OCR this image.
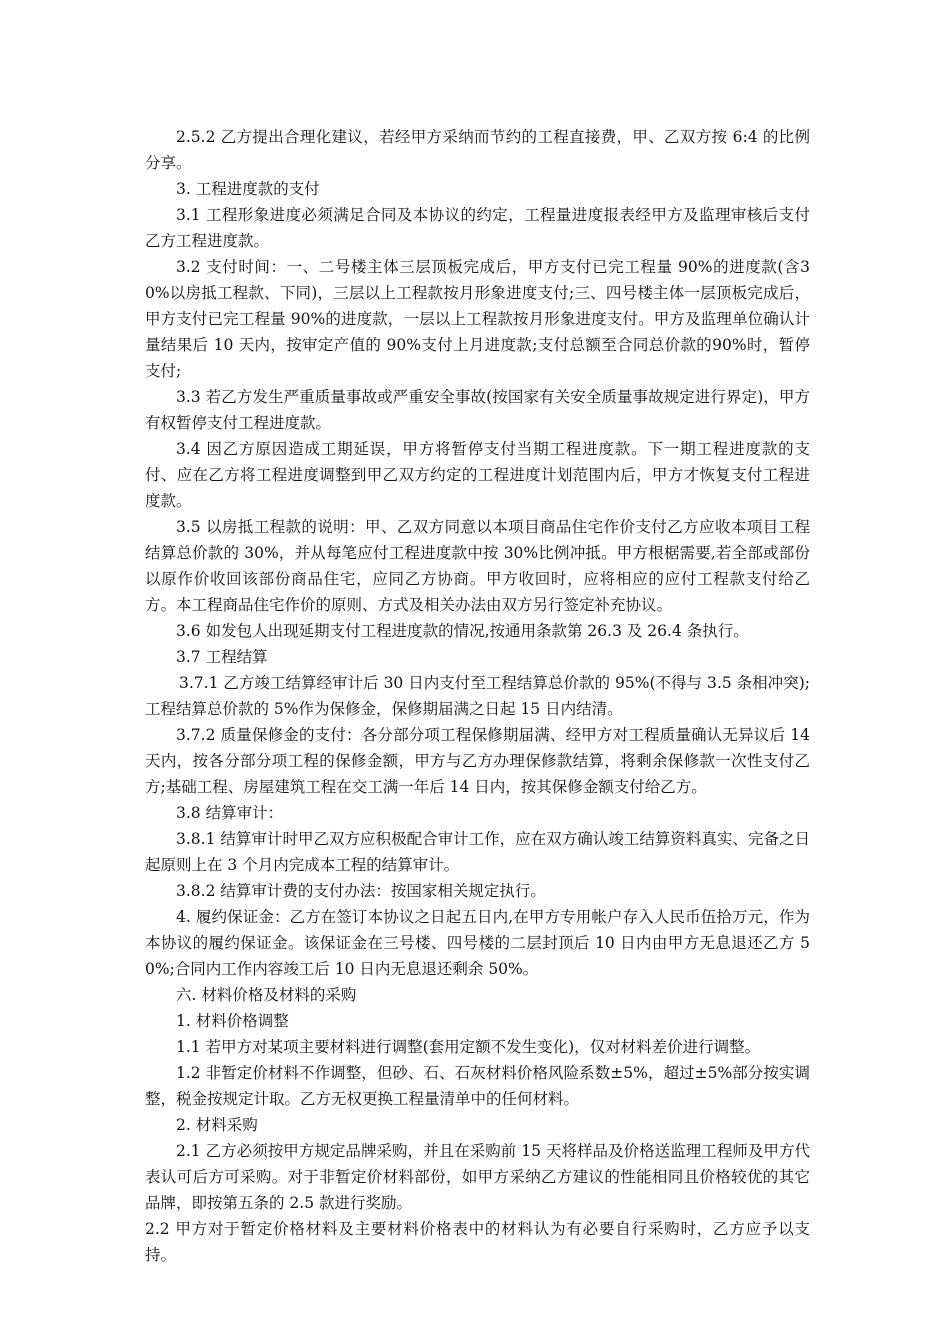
2.5.2 乙方提出合理化建议，若经甲方采纳而节约的工程直接费，甲、乙双方按 6:4 的比例分享。

3. 工程进度款的支付

3.1 工程形象进度必须满足合同及本协议的约定，工程量进度报表经甲方及监理审核后支付乙方工程进度款。

3.2 支付时间：一、二号楼主体三层顶板完成后，甲方支付已完工程量 90%的进度款(含30%以房抵工程款、下同)，三层以上工程款按月形象进度支付;三、四号楼主体一层顶板完成后，甲方支付已完工程量 90%的进度款，一层以上工程款按月形象进度支付。甲方及监理单位确认计量结果后 10 天内，按审定产值的 90%支付上月进度款;支付总额至合同总价款的90%时，暂停支付;

3.3 若乙方发生严重质量事故或严重安全事故(按国家有关安全质量事故规定进行界定)，甲方有权暂停支付工程进度款。

3.4 因乙方原因造成工期延误，甲方将暂停支付当期工程进度款。下一期工程进度款的支付、应在乙方将工程进度调整到甲乙双方约定的工程进度计划范围内后，甲方才恢复支付工程进度款。

3.5 以房抵工程款的说明：甲、乙双方同意以本项目商品住宅作价支付乙方应收本项目工程结算总价款的 30%，并从每笔应付工程进度款中按 30%比例冲抵。甲方根椐需要,若全部或部份以原作价收回该部份商品住宅，应同乙方协商。甲方收回时，应将相应的应付工程款支付给乙方。本工程商品住宅作价的原则、方式及相关办法由双方另行签定补充协议。

3.6 如发包人出现延期支付工程进度款的情况,按通用条款第 26.3 及 26.4 条执行。

3.7 工程结算

3.7.1 乙方竣工结算经审计后 30 日内支付至工程结算总价款的 95%(不得与 3.5 条相冲突);工程结算总价款的 5%作为保修金，保修期届满之日起 15 日内结清。

3.7.2 质量保修金的支付：各分部分项工程保修期届满、经甲方对工程质量确认无异议后 14 天内，按各分部分项工程的保修金额，甲方与乙方办理保修款结算，将剩余保修款一次性支付乙方;基础工程、房屋建筑工程在交工满一年后 14 日内，按其保修金额支付给乙方。

3.8 结算审计：

3.8.1 结算审计时甲乙双方应积极配合审计工作，应在双方确认竣工结算资料真实、完备之日起原则上在 3 个月内完成本工程的结算审计。

3.8.2 结算审计费的支付办法：按国家相关规定执行。

4. 履约保证金：乙方在签订本协议之日起五日内,在甲方专用帐户存入人民币伍拾万元，作为本协议的履约保证金。该保证金在三号楼、四号楼的二层封顶后 10 日内由甲方无息退还乙方 50%;合同内工作内容竣工后 10 日内无息退还剩余 50%。

六. 材料价格及材料的采购

1. 材料价格调整

1.1 若甲方对某项主要材料进行调整(套用定额不发生变化)，仅对材料差价进行调整。

1.2 非暂定价材料不作调整，但砂、石、石灰材料价格风险系数±5%，超过±5%部分按实调整，税金按规定计取。乙方无权更换工程量清单中的任何材料。

2. 材料采购

2.1 乙方必须按甲方规定品牌采购，并且在采购前 15 天将样品及价格送监理工程师及甲方代表认可后方可采购。对于非暂定价材料部份，如甲方采纳乙方建议的性能相同且价格较优的其它品牌，即按第五条的 2.5 款进行奖励。

2.2 甲方对于暂定价格材料及主要材料价格表中的材料认为有必要自行采购时，乙方应予以支持。
